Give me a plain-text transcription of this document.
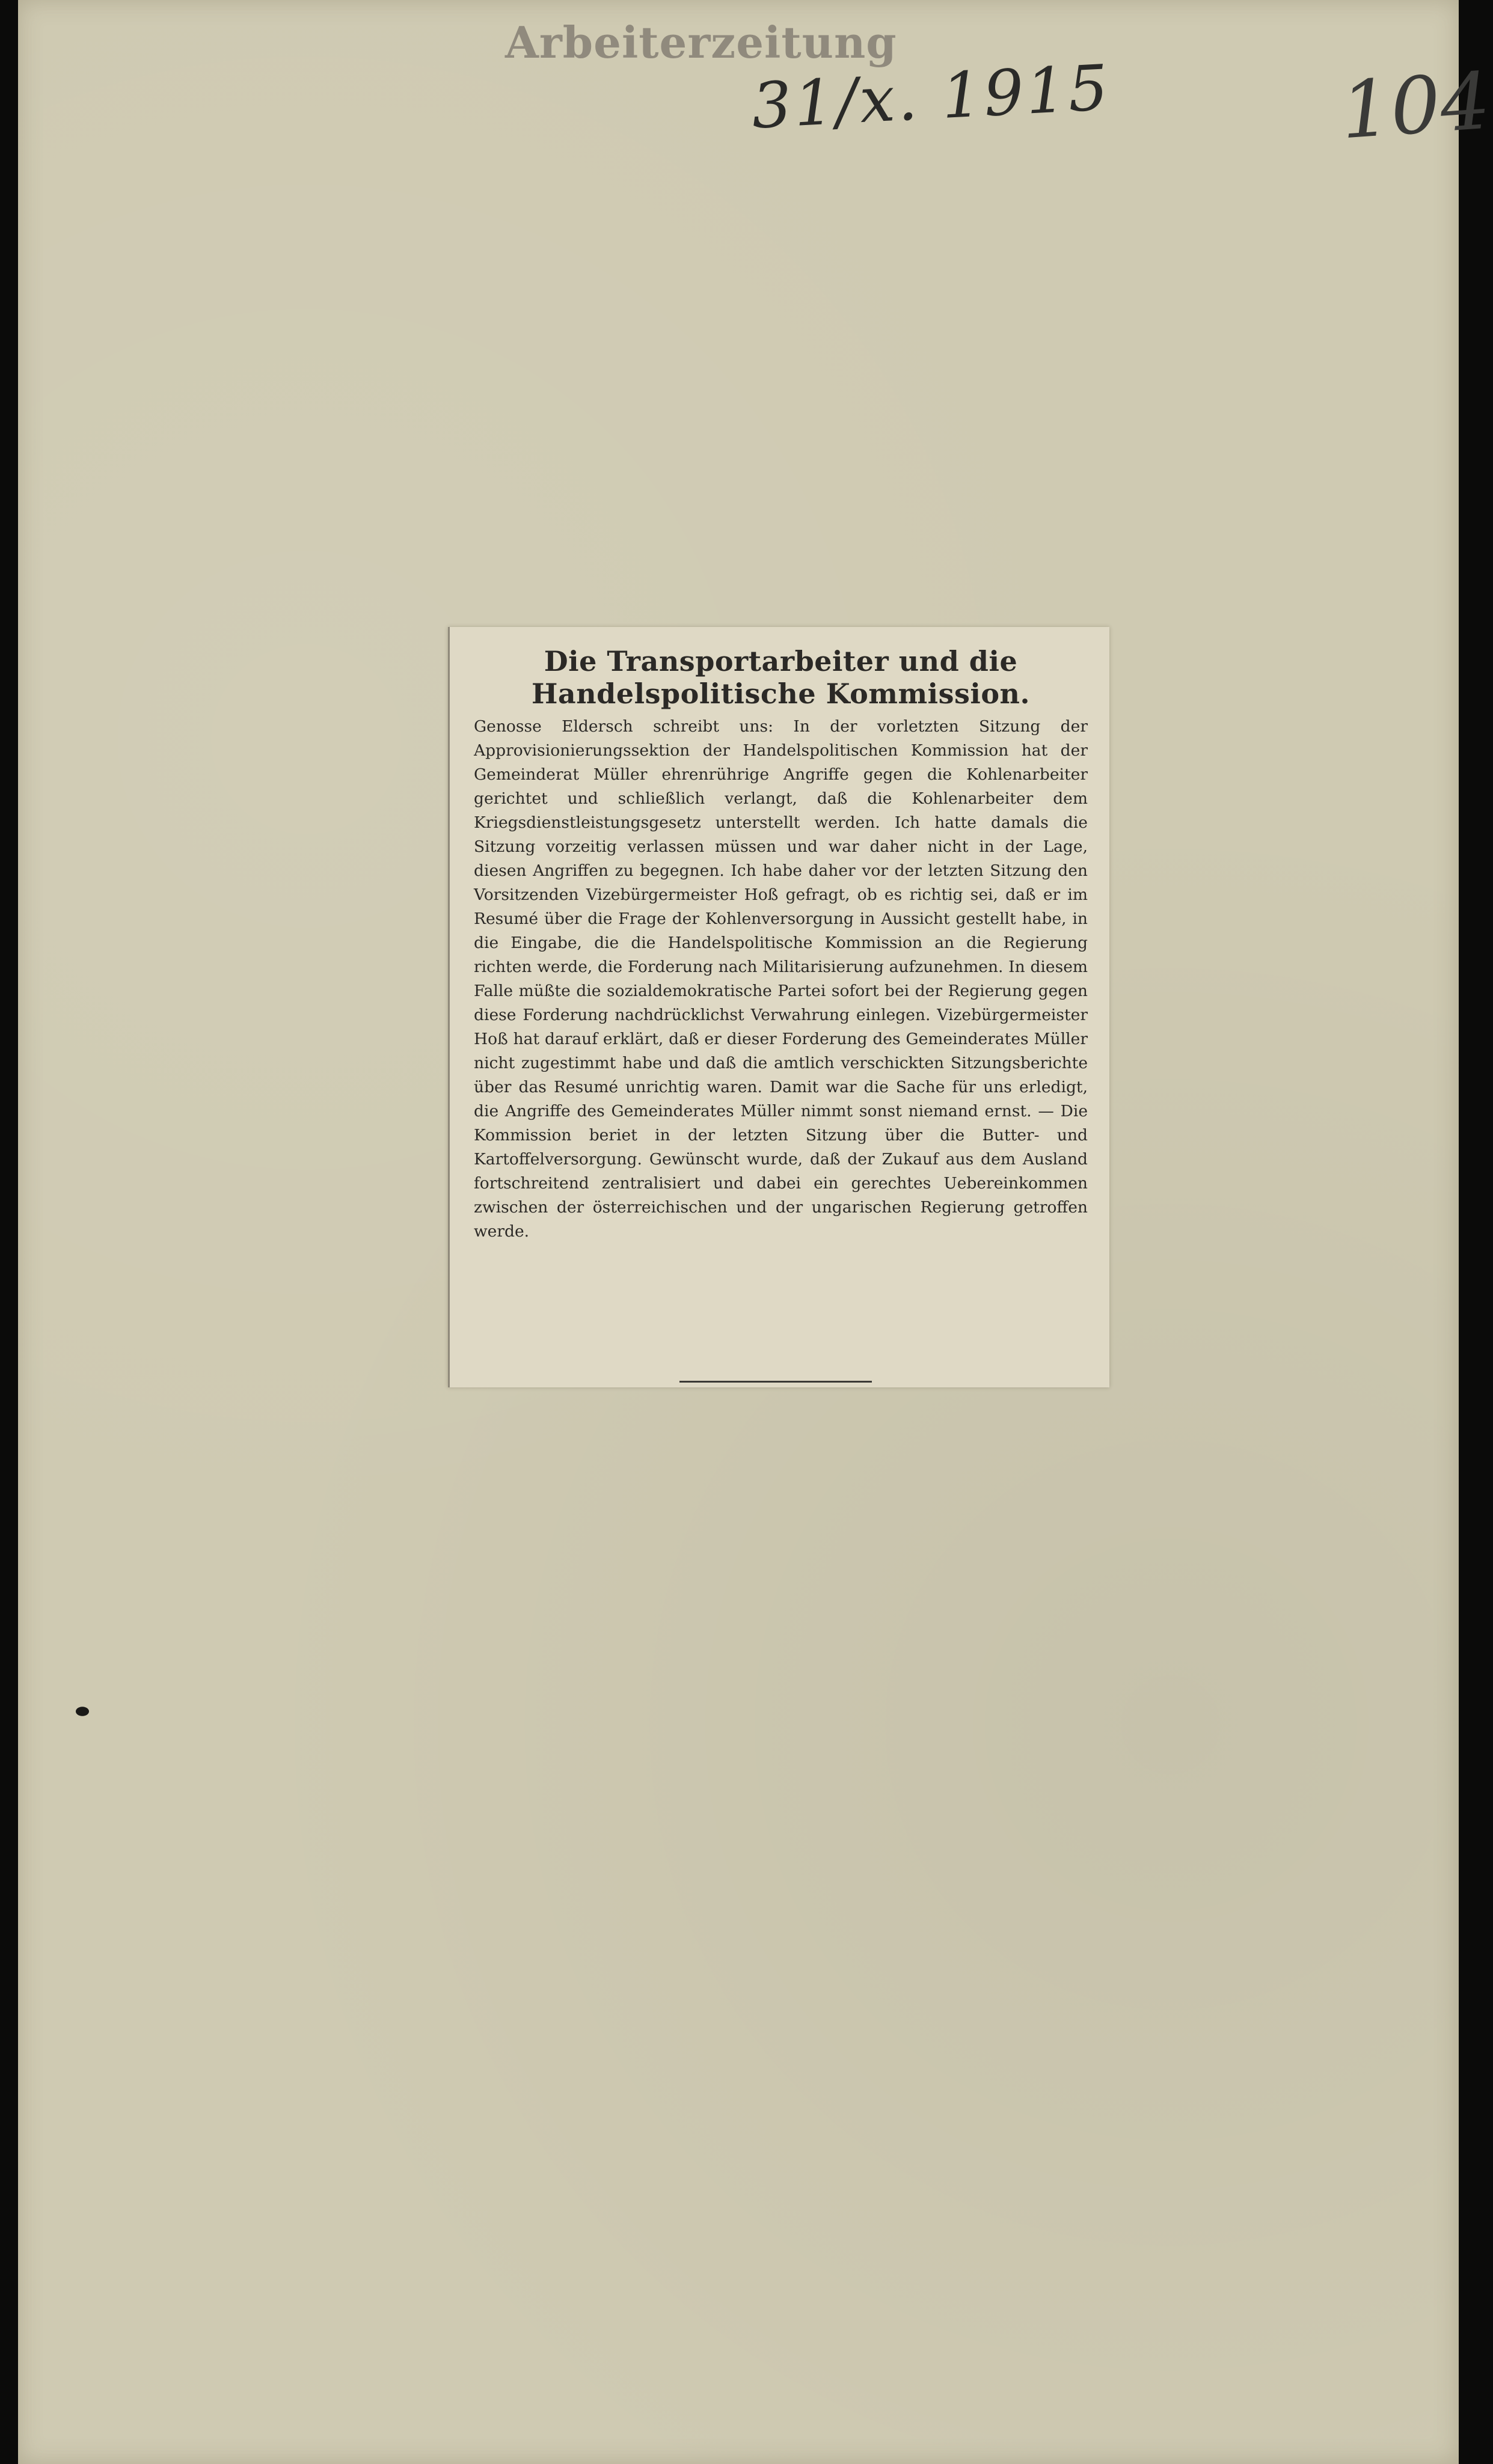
Arbeiterzeitung
31/x. 1915	104
Die Transportarbeiter und die Handelspolitische Kommission.

Genosse Eldersch schreibt uns: In der vorletzten Sitzung der Approvisionierungssektion der Handelspolitischen Kommission hat der Gemeinderat Müller ehrenrührige Angriffe gegen die Kohlenarbeiter gerichtet und schließlich verlangt, daß die Kohlenarbeiter dem Kriegsdienstleistungsgesetz unterstellt werden. Ich hatte damals die Sitzung vorzeitig verlassen müssen und war daher nicht in der Lage, diesen Angriffen zu begegnen. Ich habe daher vor der letzten Sitzung den Vorsitzenden Vizebürgermeister Hoß gefragt, ob es richtig sei, daß er im Resumé über die Frage der Kohlenversorgung in Aussicht gestellt habe, in die Eingabe, die die Handelspolitische Kommission an die Regierung richten werde, die Forderung nach Militarisierung aufzunehmen. In diesem Falle müßte die sozialdemokratische Partei sofort bei der Regierung gegen diese Forderung nachdrücklichst Verwahrung einlegen. Vizebürgermeister Hoß hat darauf erklärt, daß er dieser Forderung des Gemeinderates Müller nicht zugestimmt habe und daß die amtlich verschickten Sitzungsberichte über das Resumé unrichtig waren. Damit war die Sache für uns erledigt, die Angriffe des Gemeinderates Müller nimmt sonst niemand ernst. — Die Kommission beriet in der letzten Sitzung über die Butter- und Kartoffelversorgung. Gewünscht wurde, daß der Zukauf aus dem Ausland fortschreitend zentralisiert und dabei ein gerechtes Uebereinkommen zwischen der österreichischen und der ungarischen Regierung getroffen werde.
